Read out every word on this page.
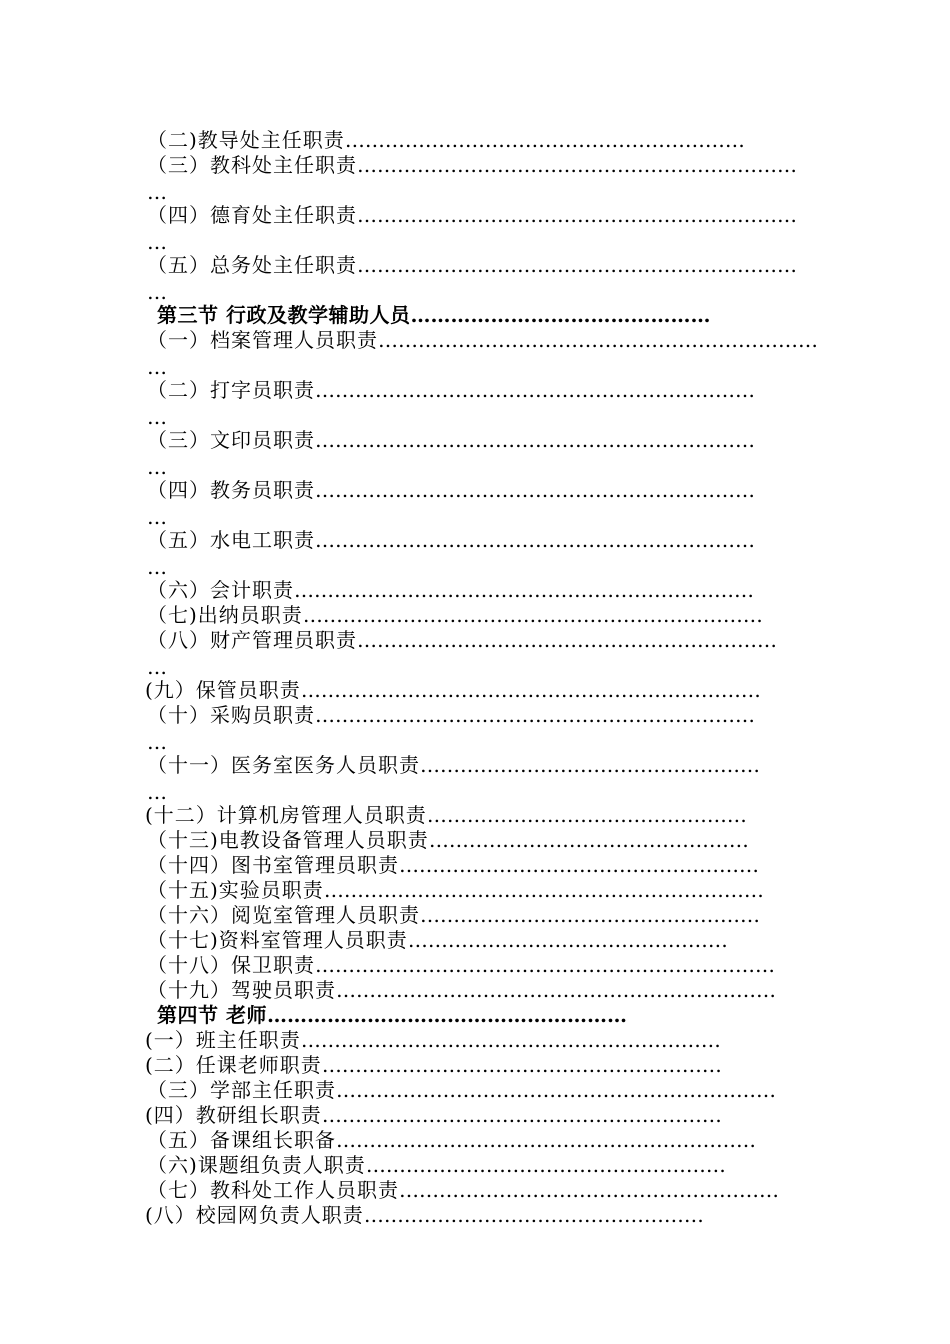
（二)教导处主任职责……………………………………………………
（三）教科处主任职责…………………………………………………………
…
（四）德育处主任职责…………………………………………………………
…
（五）总务处主任职责…………………………………………………………
…
第三节 行政及教学辅助人员………………………………………
（一）档案管理人员职责…………………………………………………………
…
（二）打字员职责…………………………………………………………
…
（三）文印员职责…………………………………………………………
…
（四）教务员职责…………………………………………………………
…
（五）水电工职责…………………………………………………………
…
（六）会计职责……………………………………………………………
（七)出纳员职责……………………………………………………………
（八）财产管理员职责………………………………………………………
…
(九）保管员职责……………………………………………………………
（十）采购员职责…………………………………………………………
…
（十一）医务室医务人员职责……………………………………………
…
(十二）计算机房管理人员职责…………………………………………
（十三)电教设备管理人员职责…………………………………………
（十四）图书室管理员职责………………………………………………
（十五)实验员职责…………………………………………………………
（十六）阅览室管理人员职责……………………………………………
（十七)资料室管理人员职责…………………………………………
（十八）保卫职责……………………………………………………………
（十九）驾驶员职责…………………………………………………………
第四节 老师………………………………………………
(一）班主任职责………………………………………………………
(二）任课老师职责……………………………………………………
（三）学部主任职责…………………………………………………………
(四）教研组长职责……………………………………………………
（五）备课组长职备………………………………………………………
（六)课题组负责人职责………………………………………………
（七）教科处工作人员职责…………………………………………………
(八）校园网负责人职责……………………………………………
